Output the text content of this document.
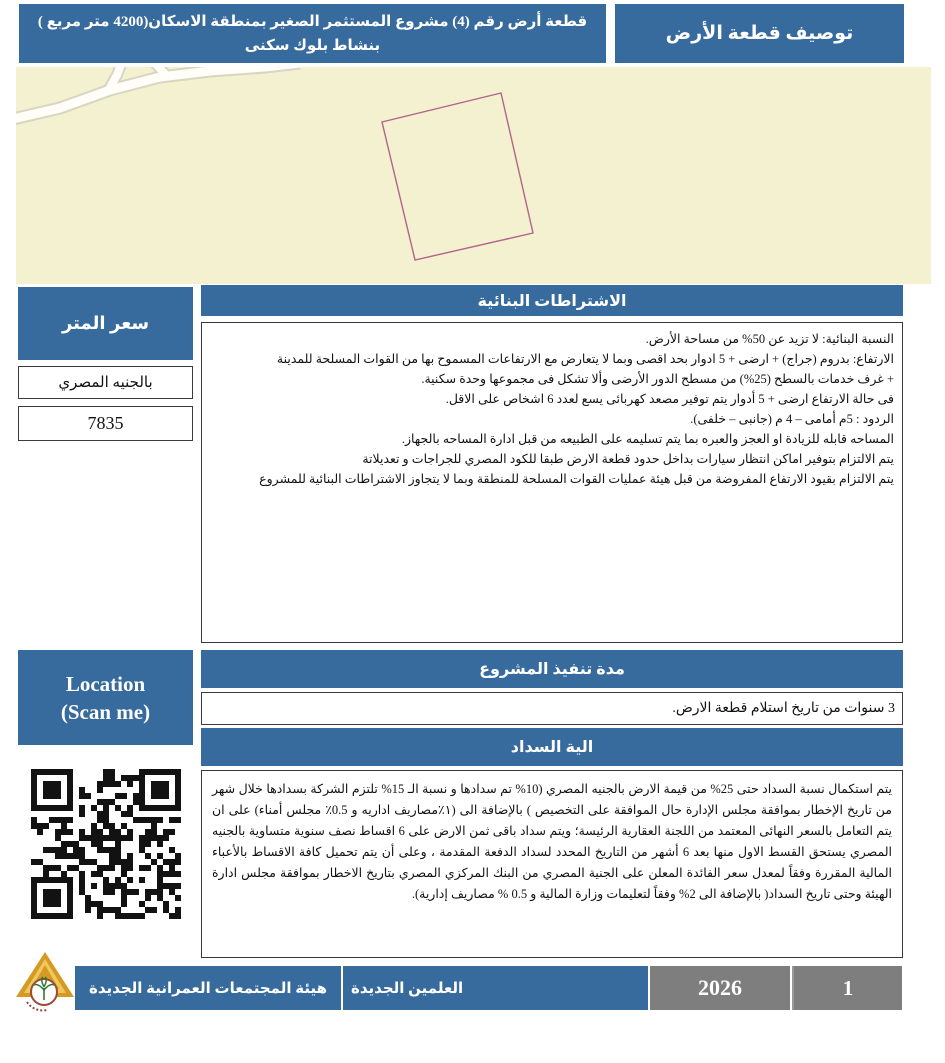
توصيف قطعة الأرض
قطعة أرض رقم (4) مشروع المستثمر الصغير بمنطقة الاسكان(4200 متر مربع ) بنشاط بلوك سكنى
سعر المتر
بالجنيه المصري
7835
Location
(Scan me)
الاشتراطات البنائية
النسبة البنائية: لا تزيد عن 50% من مساحة الأرض.
الارتفاع: بدروم (جراج) + ارضى + 5 ادوار بحد اقصى وبما لا يتعارض مع الارتفاعات المسموح بها من القوات المسلحة للمدينة
+ غرف خدمات بالسطح (25%) من مسطح الدور الأرضى وألا تشكل فى مجموعها وحدة سكنية.
فى حالة الارتفاع ارضى + 5 أدوار يتم توفير مصعد كهربائى يسع لعدد 6 اشخاص على الاقل.
الردود : 5م أمامى – 4 م (جانبى – خلفى).
المساحه قابله للزيادة او العجز والعبره بما يتم تسليمه على الطبيعه من قبل ادارة المساحه بالجهاز.
يتم الالتزام بتوفير اماكن انتظار سيارات بداخل حدود قطعة الارض طبقا للكود المصري للجراجات و تعديلاتة
يتم الالتزام بقيود الارتفاع المفروضة من قبل هيئة عمليات القوات المسلحة للمنطقة وبما لا يتجاوز الاشتراطات البنائية للمشروع
مدة تنفيذ المشروع
3 سنوات من تاريخ استلام قطعة الارض.
الية السداد
يتم استكمال نسبة السداد حتى 25% من قيمة الارض بالجنيه المصري (10% تم سدادها و نسبة الـ 15% تلتزم الشركة بسدادها خلال شهر من تاريخ الإخطار بموافقة مجلس الإدارة حال الموافقة على التخصيص ) بالإضافة الى (١٪مصاريف اداريه و 0.5٪ مجلس أمناء) على ان يتم التعامل بالسعر النهائى المعتمد من اللجنة العقارية الرئيسة؛ ويتم سداد باقى ثمن الارض على 6 اقساط نصف سنوية متساوية بالجنيه المصري يستحق القسط الاول منها بعد 6 أشهر من التاريخ المحدد لسداد الدفعة المقدمة ، وعلى أن يتم تحميل كافة الاقساط بالأعباء المالية المقررة وفقاً لمعدل سعر الفائدة المعلن على الجنية المصري من البنك المركزي المصري بتاريخ الاخطار بموافقة مجلس ادارة الهيئة وحتى تاريخ السداد( بالإضافة الى 2% وفقاً لتعليمات وزارة المالية و 0.5 % مصاريف إدارية).
هيئة المجتمعات العمرانية الجديدة	العلمين الجديدة	2026	1
